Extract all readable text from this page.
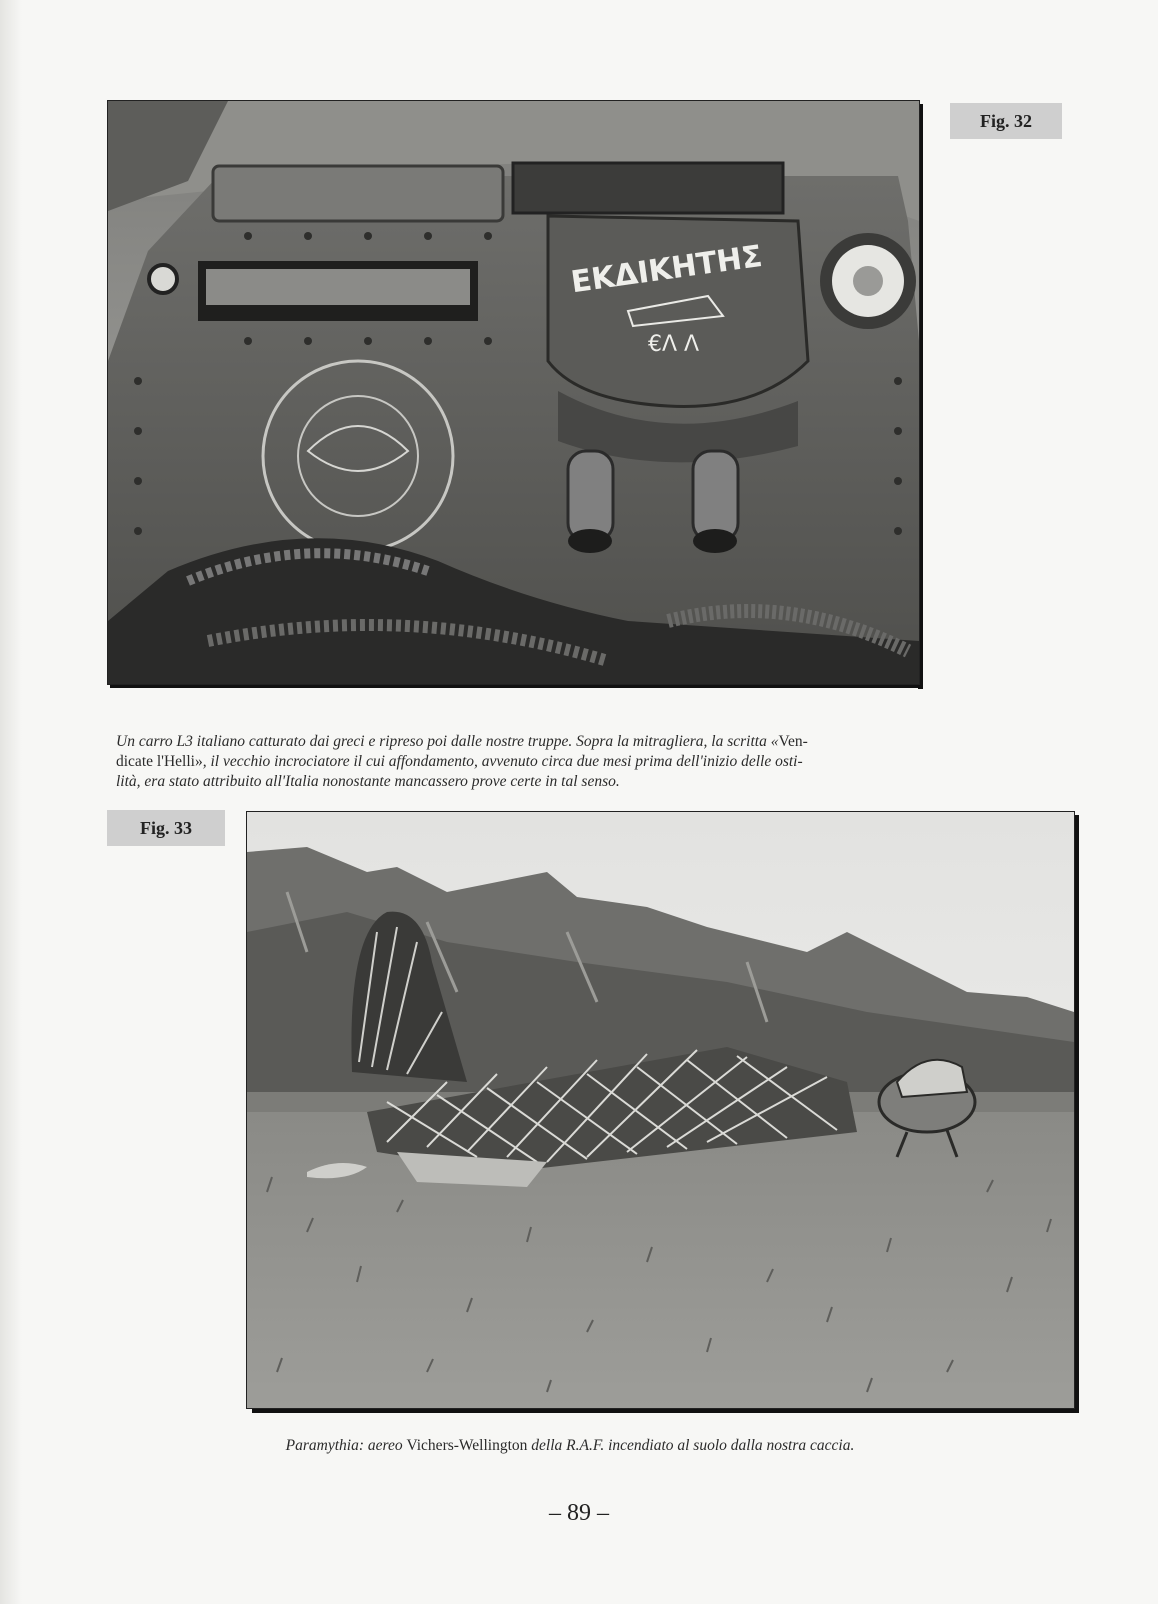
ΕΚΔΙΚΗΤΗΣ
€Λ Λ
Fig. 32
Un carro L3 italiano catturato dai greci e ripreso poi dalle nostre truppe. Sopra la mitragliera, la scritta «Ven-
dicate l'Helli», il vecchio incrociatore il cui affondamento, avvenuto circa due mesi prima dell'inizio delle osti-
lità, era stato attribuito all'Italia nonostante mancassero prove certe in tal senso.
Fig. 33
Paramythia: aereo Vichers-Wellington della R.A.F. incendiato al suolo dalla nostra caccia.
– 89 –
